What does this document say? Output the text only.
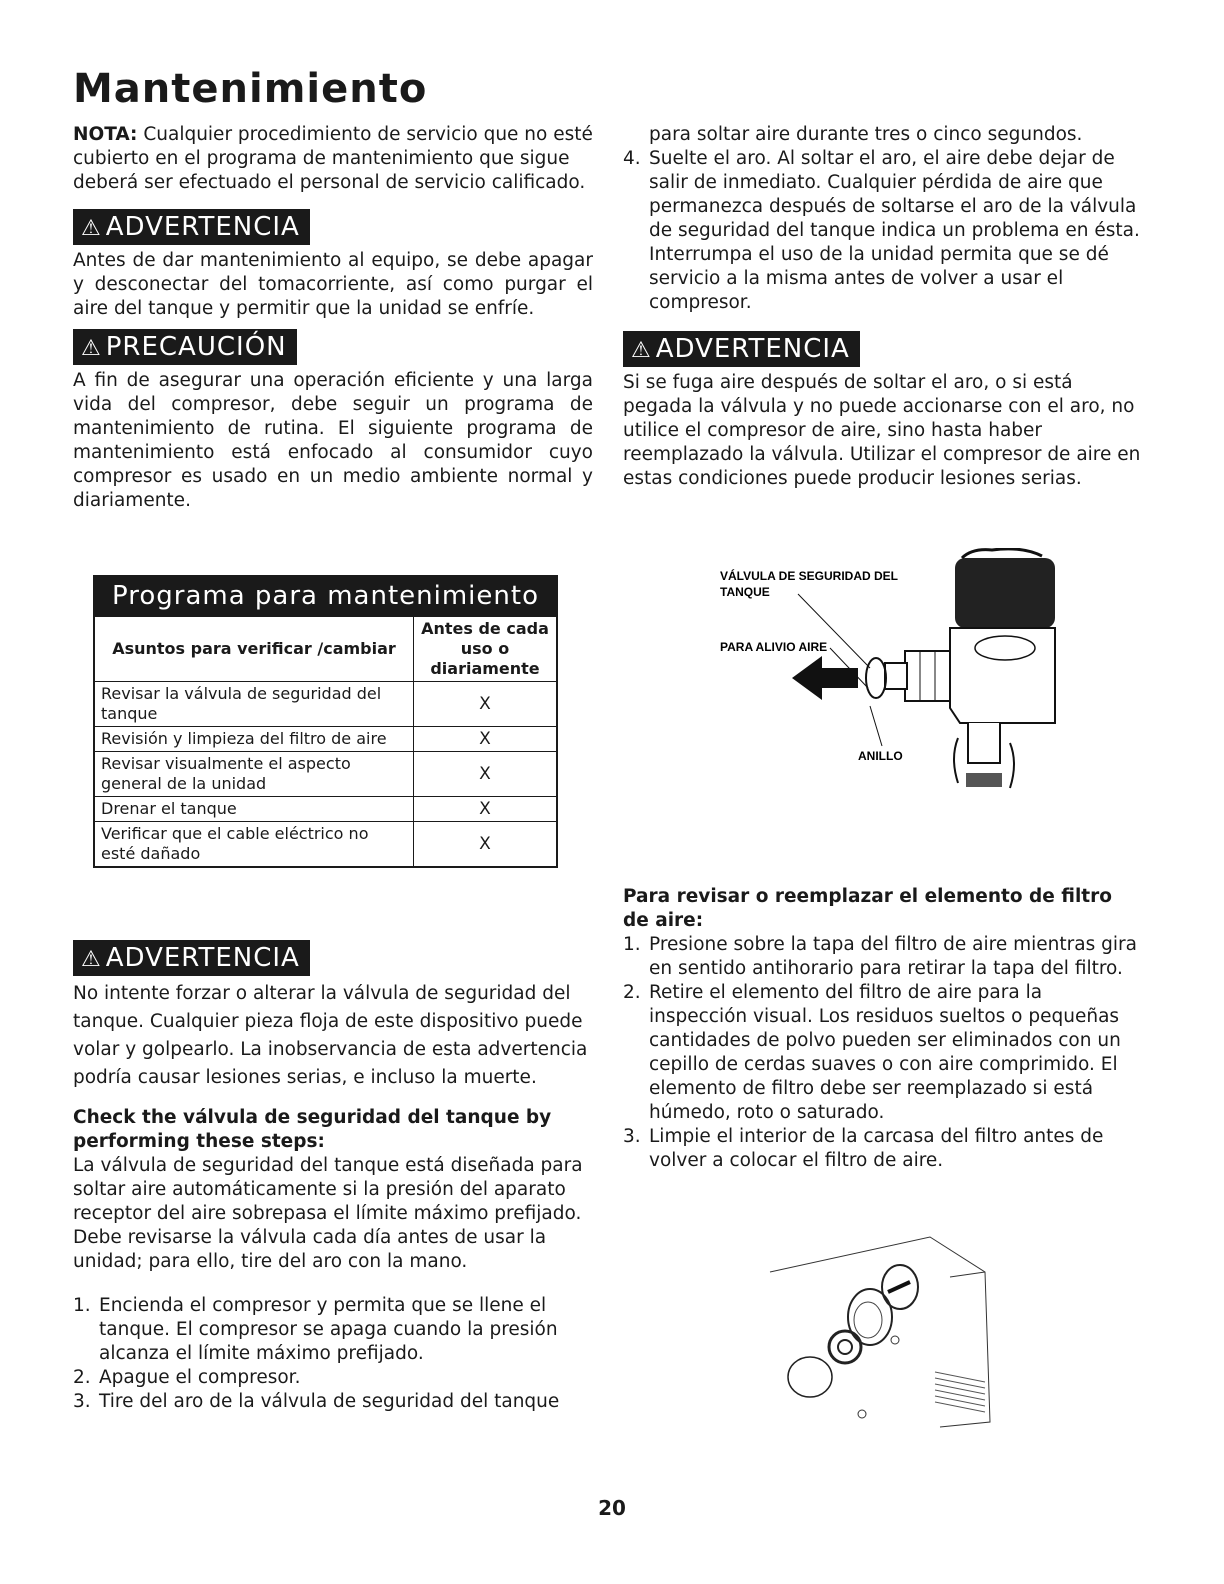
Mantenimiento

NOTA: Cualquier procedimiento de servicio que no esté cubierto en el programa de mantenimiento que sigue deberá ser efectuado el personal de servicio calificado.

⚠ ADVERTENCIA

Antes de dar mantenimiento al equipo, se debe apagar y desconectar del tomacorriente, así como purgar el aire del tanque y permitir que la unidad se enfríe.

⚠ PRECAUCIÓN

A fin de asegurar una operación eficiente y una larga vida del compresor, debe seguir un programa de mantenimiento de rutina. El siguiente programa de mantenimiento está enfocado al consumidor cuyo compresor es usado en un medio ambiente normal y diariamente.

Programa para mantenimiento
Asuntos para verificar /cambiar	Antes de cada uso o diariamente
Revisar la válvula de seguridad del tanque	X
Revisión y limpieza del filtro de aire	X
Revisar visualmente el aspecto general de la unidad	X
Drenar el tanque	X
Verificar que el cable eléctrico no esté dañado	X
⚠ ADVERTENCIA

No intente forzar o alterar la válvula de seguridad del tanque. Cualquier pieza floja de este dispositivo puede volar y golpearlo. La inobservancia de esta advertencia podría causar lesiones serias, e incluso la muerte.

Check the válvula de seguridad del tanque by performing these steps:

La válvula de seguridad del tanque está diseñada para soltar aire automáticamente si la presión del aparato receptor del aire sobrepasa el límite máximo prefijado. Debe revisarse la válvula cada día antes de usar la unidad; para ello, tire del aro con la mano.

1. Encienda el compresor y permita que se llene el tanque. El compresor se apaga cuando la presión alcanza el límite máximo prefijado.
2. Apague el compresor.
3. Tire del aro de la válvula de seguridad del tanque
para soltar aire durante tres o cinco segundos.
4. Suelte el aro. Al soltar el aro, el aire debe dejar de salir de inmediato. Cualquier pérdida de aire que permanezca después de soltarse el aro de la válvula de seguridad del tanque indica un problema en ésta. Interrumpa el uso de la unidad permita que se dé servicio a la misma antes de volver a usar el compresor.
⚠ ADVERTENCIA

Si se fuga aire después de soltar el aro, o si está pegada la válvula y no puede accionarse con el aro, no utilice el compresor de aire, sino hasta haber reemplazado la válvula. Utilizar el compresor de aire en estas condiciones puede producir lesiones serias.

VÁLVULA DE SEGURIDAD DEL
TANQUE
PARA ALIVIO AIRE
ANILLO

Para revisar o reemplazar el elemento de filtro de aire:

1. Presione sobre la tapa del filtro de aire mientras gira en sentido antihorario para retirar la tapa del filtro.
2. Retire el elemento del filtro de aire para la inspección visual. Los residuos sueltos o pequeñas cantidades de polvo pueden ser eliminados con un cepillo de cerdas suaves o con aire comprimido. El elemento de filtro debe ser reemplazado si está húmedo, roto o saturado.
3. Limpie el interior de la carcasa del filtro antes de volver a colocar el filtro de aire.
20
